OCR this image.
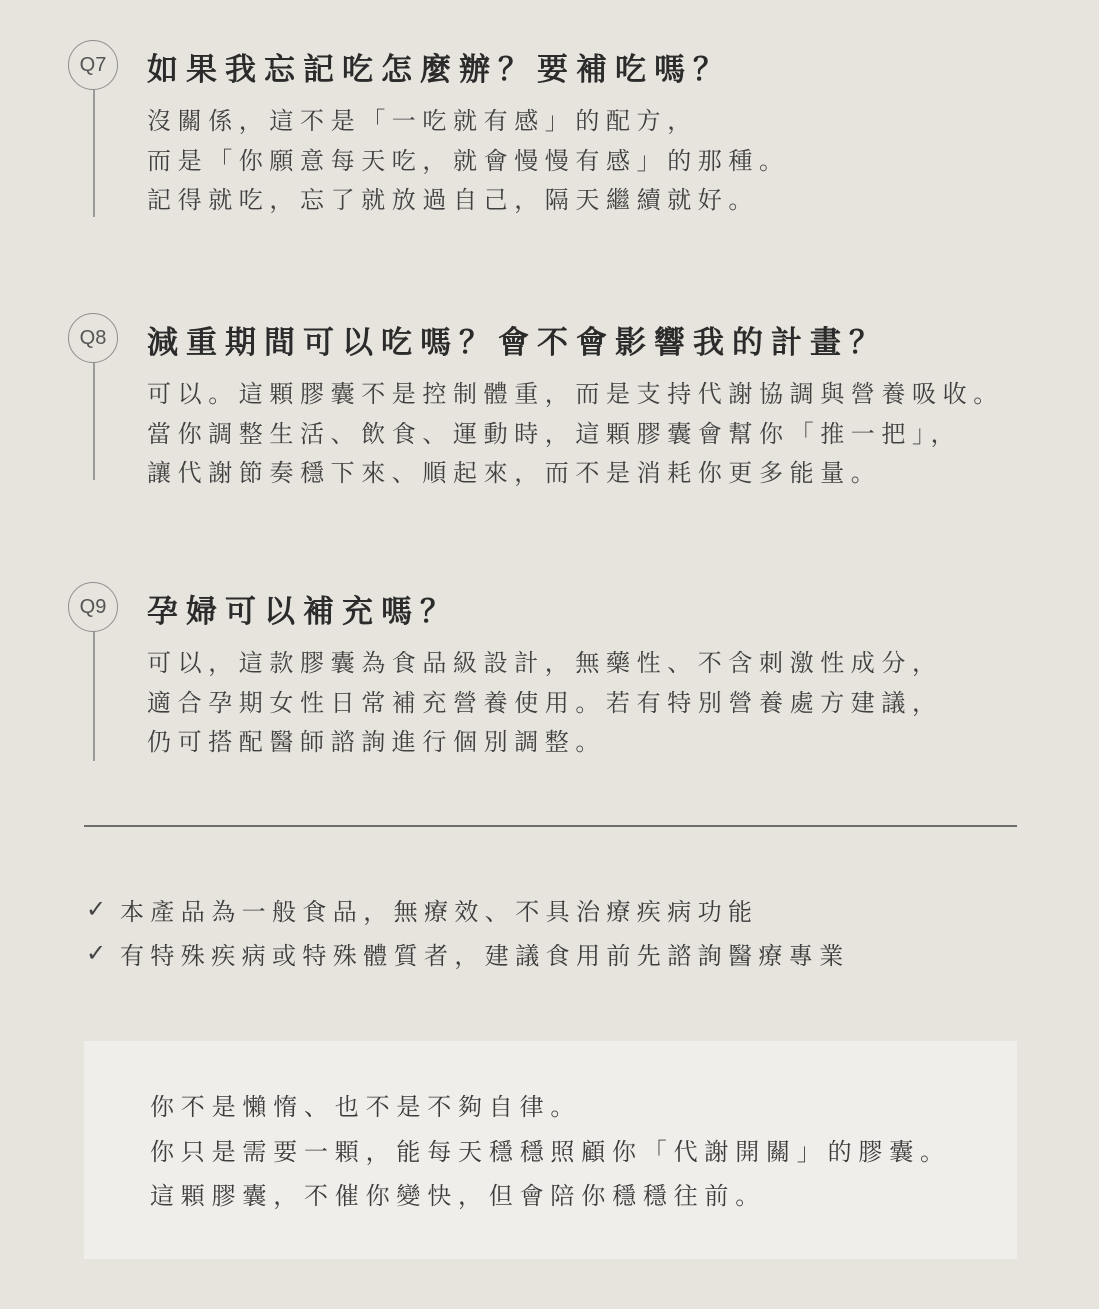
Q7	如果我忘記吃怎麼辦？要補吃嗎？
沒關係，這不是「一吃就有感」的配方，
而是「你願意每天吃，就會慢慢有感」的那種。
記得就吃，忘了就放過自己，隔天繼續就好。
Q8	減重期間可以吃嗎？會不會影響我的計畫？
可以。這顆膠囊不是控制體重，而是支持代謝協調與營養吸收。
當你調整生活、飲食、運動時，這顆膠囊會幫你「推一把」，
讓代謝節奏穩下來、順起來，而不是消耗你更多能量。
Q9	孕婦可以補充嗎？
可以，這款膠囊為食品級設計，無藥性、不含刺激性成分，
適合孕期女性日常補充營養使用。若有特別營養處方建議，
仍可搭配醫師諮詢進行個別調整。
✓ 本產品為一般食品，無療效、不具治療疾病功能
✓ 有特殊疾病或特殊體質者，建議食用前先諮詢醫療專業
你不是懶惰、也不是不夠自律。
你只是需要一顆，能每天穩穩照顧你「代謝開關」的膠囊。
這顆膠囊，不催你變快，但會陪你穩穩往前。
